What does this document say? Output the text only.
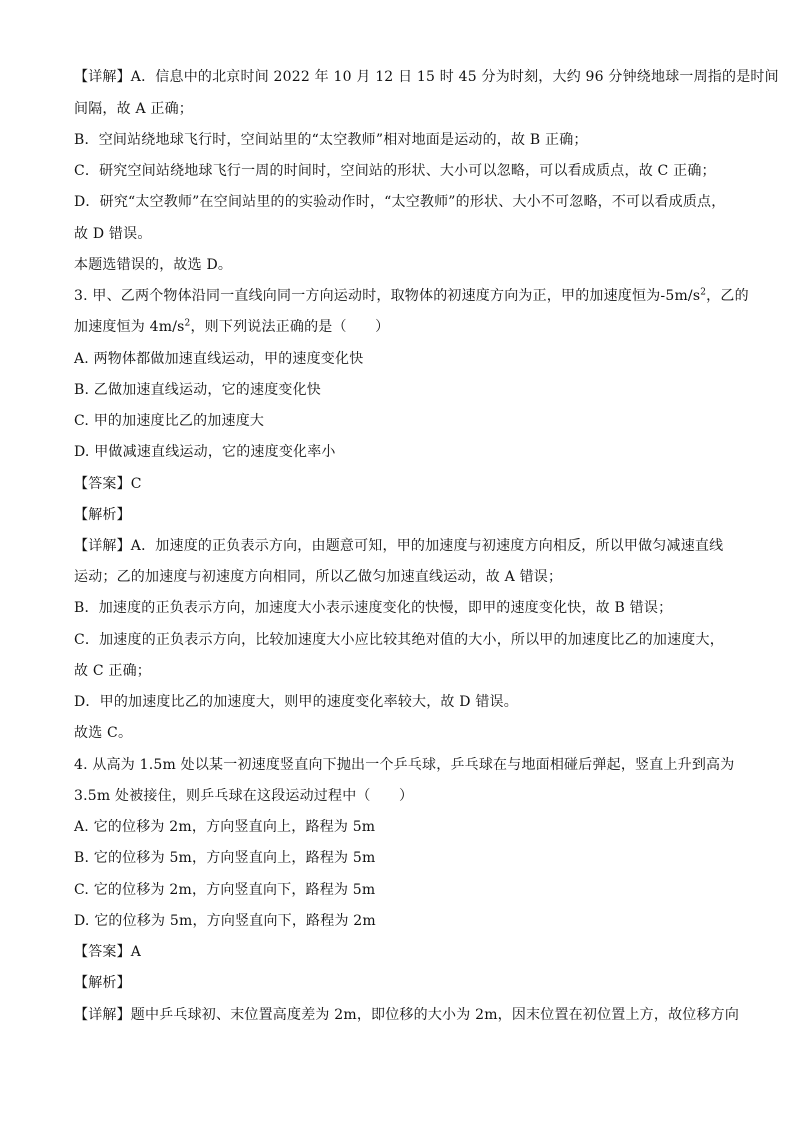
【详解】A．信息中的北京时间 2022 年 10 月 12 日 15 时 45 分为时刻，大约 96 分钟绕地球一周指的是时间
间隔，故 A 正确；
B．空间站绕地球飞行时，空间站里的“太空教师”相对地面是运动的，故 B 正确；
C．研究空间站绕地球飞行一周的时间时，空间站的形状、大小可以忽略，可以看成质点，故 C 正确；
D．研究“太空教师”在空间站里的的实验动作时，“太空教师”的形状、大小不可忽略，不可以看成质点，
故 D 错误。
本题选错误的，故选 D。
3. 甲、乙两个物体沿同一直线向同一方向运动时，取物体的初速度方向为正，甲的加速度恒为$-5m/s^2$，乙的
加速度恒为 $4m/s^2$，则下列说法正确的是（　　）
A. 两物体都做加速直线运动，甲的速度变化快
B. 乙做加速直线运动，它的速度变化快
C. 甲的加速度比乙的加速度大
D. 甲做减速直线运动，它的速度变化率小
【答案】C
【解析】
【详解】A．加速度的正负表示方向，由题意可知，甲的加速度与初速度方向相反，所以甲做匀减速直线
运动；乙的加速度与初速度方向相同，所以乙做匀加速直线运动，故 A 错误；
B．加速度的正负表示方向，加速度大小表示速度变化的快慢，即甲的速度变化快，故 B 错误；
C．加速度的正负表示方向，比较加速度大小应比较其绝对值的大小，所以甲的加速度比乙的加速度大，
故 C 正确；
D．甲的加速度比乙的加速度大，则甲的速度变化率较大，故 D 错误。
故选 C。
4. 从高为 1.5m 处以某一初速度竖直向下抛出一个乒乓球，乒乓球在与地面相碰后弹起，竖直上升到高为
3.5m 处被接住，则乒乓球在这段运动过程中（　　）
A. 它的位移为 2m，方向竖直向上，路程为 5m
B. 它的位移为 5m，方向竖直向上，路程为 5m
C. 它的位移为 2m，方向竖直向下，路程为 5m
D. 它的位移为 5m，方向竖直向下，路程为 2m
【答案】A
【解析】
【详解】题中乒乓球初、末位置高度差为 2m，即位移的大小为 2m，因末位置在初位置上方，故位移方向
